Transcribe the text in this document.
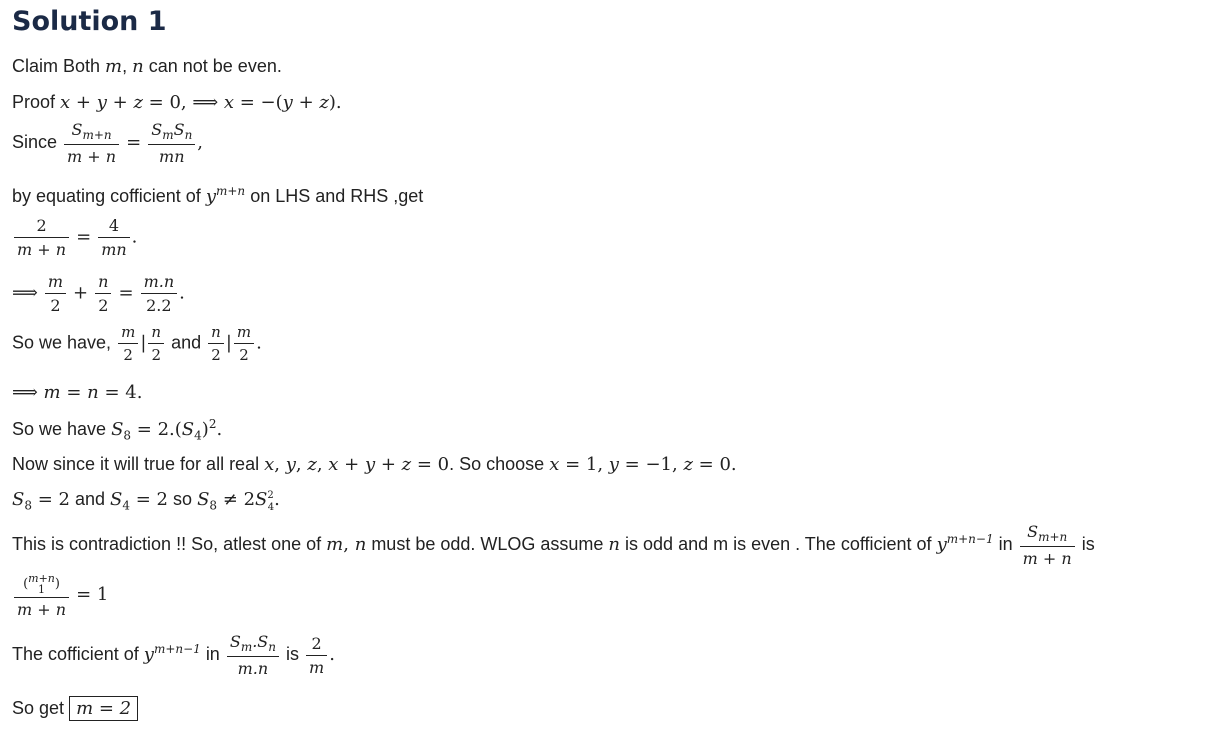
Solution 1
Claim Both m, n can not be even.
Proof x + y + z = 0, ⟹ x = −(y + z).
Since $\frac{S_{m+n}}{m + n} = \frac{S_mS_n}{mn}$ ,
by equating cofficient of $y^{m+n}$ on LHS and RHS ,get
$\frac{2}{m + n} = \frac{4}{mn}$ .
⟹ $\frac{m}{2} + \frac{n}{2} = \frac{m.n}{2.2}$ .
So we have, $\frac{m}{2}$ | $\frac{n}{2}$ and $\frac{n}{2}$ | $\frac{m}{2}$ .
⟹ m = n = 4.
So we have $S_8 = 2.(S_4)^2$.
Now since it will true for all real x, y, z, x + y + z = 0. So choose x = 1, y = −1, z = 0.
$S_8 = 2$ and $S_4 = 2$ so $S_8 \ne 2S^2_4$.
This is contradiction !! So, atlest one of m, n must be odd. WLOG assume n is odd and m is even . The cofficient of $y^{m+n-1}$ in $\frac{S_{m+n}}{m + n}$ is
(m+n
1 )
m + n
= 1
The cofficient of $y^{m+n-1}$ in $\frac{S_m.S_n}{m.n}$ is $\frac{2}{m}$ .
So get m = 2
